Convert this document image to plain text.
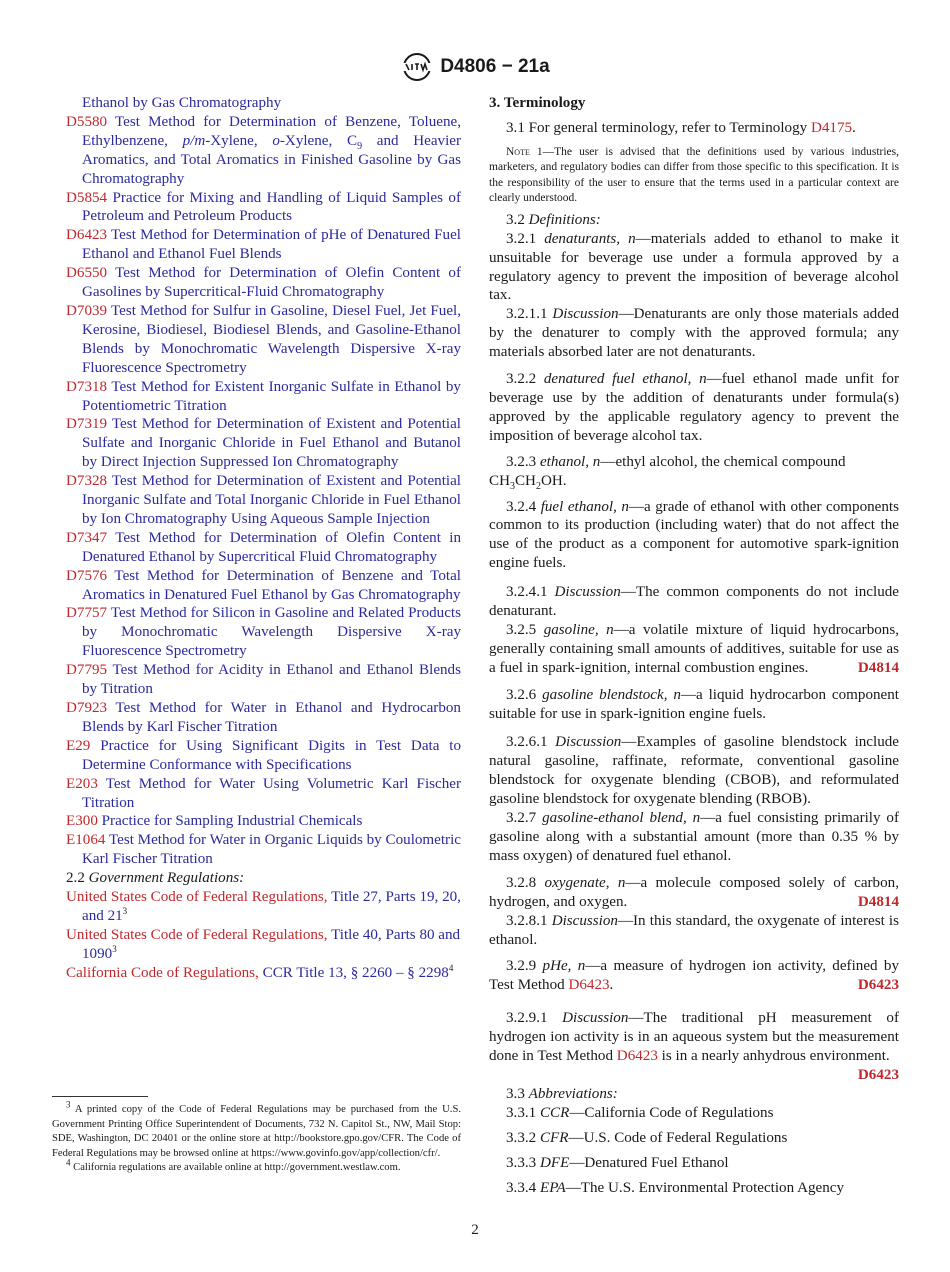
D4806 − 21a

Ethanol by Gas Chromatography

D5580 Test Method for Determination of Benzene, Toluene, Ethylbenzene, p/m-Xylene, o-Xylene, $C_9$ and Heavier Aromatics, and Total Aromatics in Finished Gasoline by Gas Chromatography

D5854 Practice for Mixing and Handling of Liquid Samples of Petroleum and Petroleum Products

D6423 Test Method for Determination of pHe of Denatured Fuel Ethanol and Ethanol Fuel Blends

D6550 Test Method for Determination of Olefin Content of Gasolines by Supercritical-Fluid Chromatography

D7039 Test Method for Sulfur in Gasoline, Diesel Fuel, Jet Fuel, Kerosine, Biodiesel, Biodiesel Blends, and Gasoline-Ethanol Blends by Monochromatic Wavelength Dispersive X-ray Fluorescence Spectrometry

D7318 Test Method for Existent Inorganic Sulfate in Ethanol by Potentiometric Titration

D7319 Test Method for Determination of Existent and Potential Sulfate and Inorganic Chloride in Fuel Ethanol and Butanol by Direct Injection Suppressed Ion Chromatography

D7328 Test Method for Determination of Existent and Potential Inorganic Sulfate and Total Inorganic Chloride in Fuel Ethanol by Ion Chromatography Using Aqueous Sample Injection

D7347 Test Method for Determination of Olefin Content in Denatured Ethanol by Supercritical Fluid Chromatography

D7576 Test Method for Determination of Benzene and Total Aromatics in Denatured Fuel Ethanol by Gas Chromatography

D7757 Test Method for Silicon in Gasoline and Related Products by Monochromatic Wavelength Dispersive X-ray Fluorescence Spectrometry

D7795 Test Method for Acidity in Ethanol and Ethanol Blends by Titration

D7923 Test Method for Water in Ethanol and Hydrocarbon Blends by Karl Fischer Titration

E29 Practice for Using Significant Digits in Test Data to Determine Conformance with Specifications

E203 Test Method for Water Using Volumetric Karl Fischer Titration

E300 Practice for Sampling Industrial Chemicals

E1064 Test Method for Water in Organic Liquids by Coulometric Karl Fischer Titration

2.2 Government Regulations:

United States Code of Federal Regulations, Title 27, Parts 19, 20, and $21^3$

United States Code of Federal Regulations, Title 40, Parts 80 and 1090$^3$

California Code of Regulations, CCR Title 13, § 2260 – § 2298$^4$

$^3$ A printed copy of the Code of Federal Regulations may be purchased from the U.S. Government Printing Office Superintendent of Documents, 732 N. Capitol St., NW, Mail Stop: SDE, Washington, DC 20401 or the online store at http://bookstore.gpo.gov/CFR. The Code of Federal Regulations may be browsed online at https://www.govinfo.gov/app/collection/cfr/.

$^4$ California regulations are available online at http://government.westlaw.com.

3. Terminology

3.1 For general terminology, refer to Terminology D4175.

Note 1—The user is advised that the definitions used by various industries, marketers, and regulatory bodies can differ from those specific to this specification. It is the responsibility of the user to ensure that the terms used in a particular context are clearly understood.

3.2 Definitions:

3.2.1 denaturants, n—materials added to ethanol to make it unsuitable for beverage use under a formula approved by a regulatory agency to prevent the imposition of beverage alcohol tax.

3.2.1.1 Discussion—Denaturants are only those materials added by the denaturer to comply with the approved formula; any materials absorbed later are not denaturants.

3.2.2 denatured fuel ethanol, n—fuel ethanol made unfit for beverage use by the addition of denaturants under formula(s) approved by the applicable regulatory agency to prevent the imposition of beverage alcohol tax.

3.2.3 ethanol, n—ethyl alcohol, the chemical compound

$CH_3CH_2OH$.

3.2.4 fuel ethanol, n—a grade of ethanol with other components common to its production (including water) that do not affect the use of the product as a component for automotive spark-ignition engine fuels.

3.2.4.1 Discussion—The common components do not include denaturant.

3.2.5 gasoline, n—a volatile mixture of liquid hydrocarbons, generally containing small amounts of additives, suitable for use as a fuel in spark-ignition, internal combustion engines.	D4814

3.2.6 gasoline blendstock, n—a liquid hydrocarbon component suitable for use in spark-ignition engine fuels.

3.2.6.1 Discussion—Examples of gasoline blendstock include natural gasoline, raffinate, reformate, conventional gasoline blendstock for oxygenate blending (CBOB), and reformulated gasoline blendstock for oxygenate blending (RBOB).

3.2.7 gasoline-ethanol blend, n—a fuel consisting primarily of gasoline along with a substantial amount (more than 0.35 % by mass oxygen) of denatured fuel ethanol.

3.2.8 oxygenate, n—a molecule composed solely of carbon, hydrogen, and oxygen.	D4814

3.2.8.1 Discussion—In this standard, the oxygenate of interest is ethanol.

3.2.9 pHe, n—a measure of hydrogen ion activity, defined by Test Method D6423.	D6423

3.2.9.1 Discussion—The traditional pH measurement of hydrogen ion activity is in an aqueous system but the measurement done in Test Method D6423 is in a nearly anhydrous environment.
D6423

3.3 Abbreviations:

3.3.1 CCR—California Code of Regulations

3.3.2 CFR—U.S. Code of Federal Regulations

3.3.3 DFE—Denatured Fuel Ethanol

3.3.4 EPA—The U.S. Environmental Protection Agency

2
